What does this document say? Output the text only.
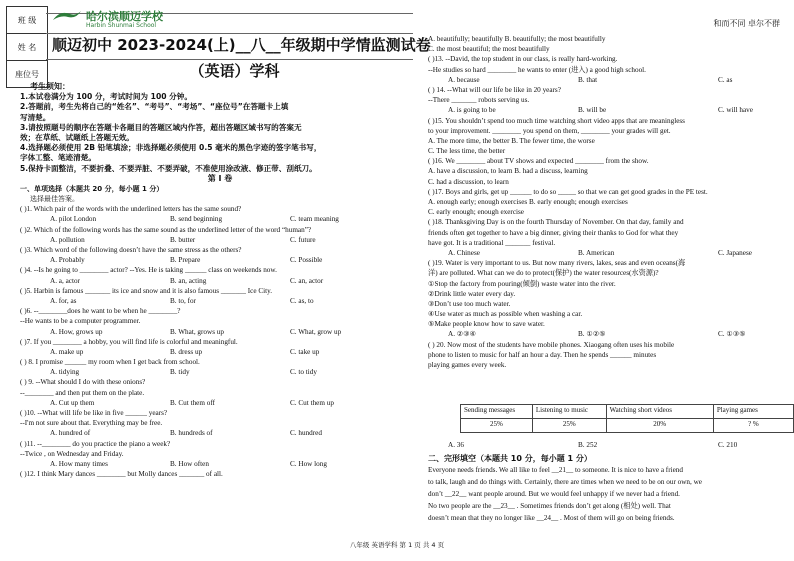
班 级
姓 名
座位号
哈尔滨顺迈学校
Harbin Shunmai School	和而不同 卓尔不群
顺迈初中 2023-2024(上)__八__年级期中学情监测试卷
（英语）学科
考生须知：
1.本试卷满分为 100 分，考试时间为 100 分钟。
2.答题前，考生先将自己的“姓名”、“考号”、“考场”、“座位号”在答题卡上填
写清楚。
3.请按照题号的顺序在答题卡各题目的答题区域内作答，超出答题区域书写的答案无
效；在草纸、试题纸上答题无效。
4.选择题必须使用 2B 铅笔填涂；非选择题必须使用 0.5 毫米的黑色字迹的签字笔书写，
字体工整、笔迹清楚。
5.保持卡面整洁，不要折叠、不要弄脏、不要弄破，不准使用涂改液、修正带、刮纸刀。
第 I 卷
一、单项选择（本题共 20 分，每小题 1 分）
选择最佳答案。
( )1. Which pair of the words with the underlined letters has the same sound?
A. pilot London	B. send beginning	C. team meaning
( )2. Which of the following words has the same sound as the underlined letter of the word “human”?
A. pollution	B. butter	C. future
( )3. Which word of the following doesn’t have the same stress as the others?
A. Probably	B. Prepare	C. Possible
( )4. --Is he going to ________ actor? --Yes. He is taking ______ class on weekends now.
A. a, actor	B. an, acting	C. an, actor
( )5. Harbin is famous _______ its ice and snow and it is also famous _______ Ice City.
A. for, as	B. to, for	C. as, to
( )6. --________does he want to be when he ________?
--He wants to be a computer programmer.
A. How, grows up	B. What, grows up	C. What, grow up
( )7. If you ________ a hobby, you will find life is colorful and meaningful.
A. make up	B. dress up	C. take up
( ) 8. I promise ______ my room when I get back from school.
A. tidying	B. tidy	C. to tidy
( ) 9. --What should I do with these onions?
--________ and then put them on the plate.
A. Cut up them	B. Cut them off	C. Cut them up
( )10. --What will life be like in five ______ years?
--I'm not sure about that. Everything may be free.
A. hundred of	B. hundreds of	C. hundred
( )11. --________ do you practice the piano a week?
--Twice , on Wednesday and Friday.
A. How many times	B. How often	C. How long
( )12. I think Mary dances ________ but Molly dances _______ of all.
A. beautifully; beautifully B. beautifully; the most beautifully
C. the most beautiful; the most beautifully
( )13. --David, the top student in our class, is really hard-working.
--He studies so hard ________ he wants to enter (进入) a good high school.
A. because	B. that	C. as
( ) 14. --What will our life be like in 20 years?
--There _______ robots serving us.
A. is going to be	B. will be	C. will have
( )15. You shouldn’t spend too much time watching short video apps that are meaningless
to your improvement. ________ you spend on them, ________ your grades will get.
A. The more time, the better B. The fewer time, the worse
C. The less time, the better
( )16. We ________ about TV shows and expected ________ from the show.
A. have a discussion, to learn B. had a discuss, learning
C. had a discussion, to learn
( )17. Boys and girls, get up ______ to do so _____ so that we can get good grades in the PE test.
A. enough early; enough exercises B. early enough; enough exercises
C. early enough; enough exercise
( )18. Thanksgiving Day is on the fourth Thursday of November. On that day, family and
friends often get together to have a big dinner, giving their thanks to God for what they
have got. It is a traditional _______ festival.
A. Chinese	B. American	C. Japanese
( )19. Water is very important to us. But now many rivers, lakes, seas and even oceans(海
洋) are polluted. What can we do to protect(保护) the water resources(水资源)?
①Stop the factory from pouring(倾倒) waste water into the river.
②Drink little water every day.
③Don’t use too much water.
④Use water as much as possible when washing a car.
⑤Make people know how to save water.
A. ②③④	B. ①②⑤	C. ①③⑤
( ) 20. Now most of the students have mobile phones. Xiaogang often uses his mobile
phone to listen to music for half an hour a day. Then he spends ______ minutes
playing games every week.
Sending messages	Listening to music	Watching short videos	Playing games
25%	25%	20%	? %
A. 36	B. 252	C. 210
二、完形填空（本题共 10 分，每小题 1 分）
Everyone needs friends. We all like to feel __21__ to someone. It is nice to have a friend
to talk, laugh and do things with. Certainly, there are times when we need to be on our own, we
don’t __22__ want people around. But we would feel unhappy if we never had a friend.
No two people are the __23__ . Sometimes friends don’t get along (相处) well. That
doesn’t mean that they no longer like __24__ . Most of them will go on being friends.
八年级 英语学科 第 1 页 共 4 页
